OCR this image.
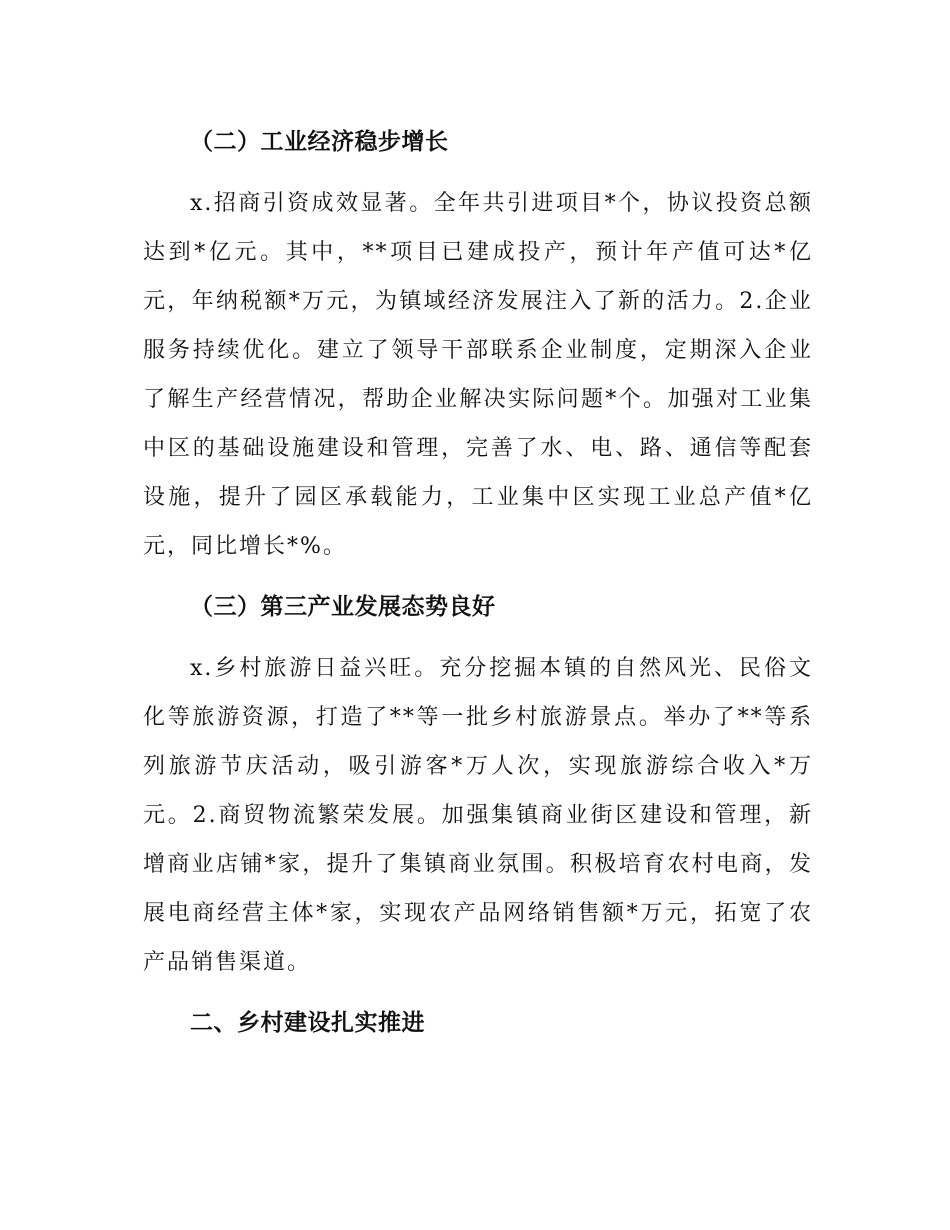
（二）工业经济稳步增长

x.招商引资成效显著。全年共引进项目*个，协议投资总额达到*亿元。其中，**项目已建成投产，预计年产值可达*亿元，年纳税额*万元，为镇域经济发展注入了新的活力。2.企业服务持续优化。建立了领导干部联系企业制度，定期深入企业了解生产经营情况，帮助企业解决实际问题*个。加强对工业集中区的基础设施建设和管理，完善了水、电、路、通信等配套设施，提升了园区承载能力，工业集中区实现工业总产值*亿元，同比增长*%。

（三）第三产业发展态势良好

x.乡村旅游日益兴旺。充分挖掘本镇的自然风光、民俗文化等旅游资源，打造了**等一批乡村旅游景点。举办了**等系列旅游节庆活动，吸引游客*万人次，实现旅游综合收入*万元。2.商贸物流繁荣发展。加强集镇商业街区建设和管理，新增商业店铺*家，提升了集镇商业氛围。积极培育农村电商，发展电商经营主体*家，实现农产品网络销售额*万元，拓宽了农产品销售渠道。

二、乡村建设扎实推进
